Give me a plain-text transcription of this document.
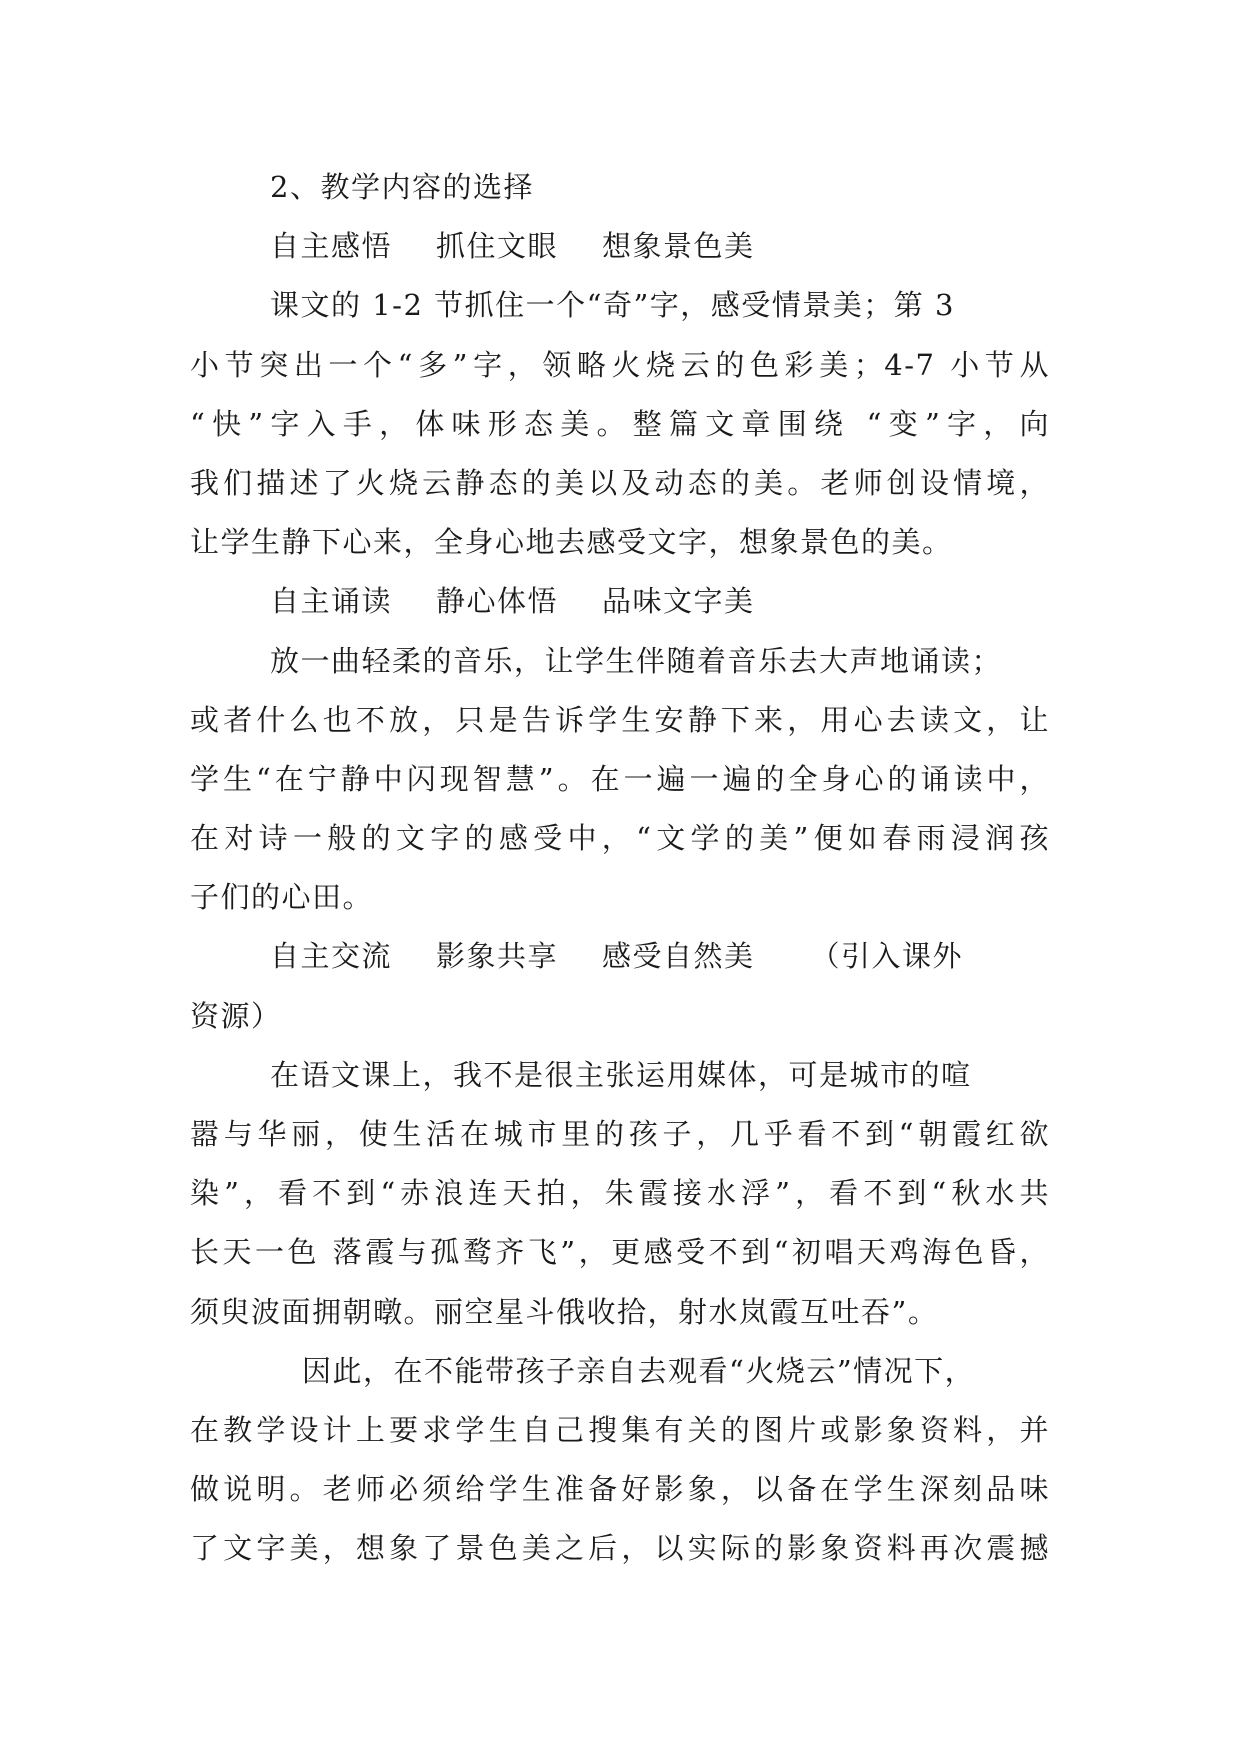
2、教学内容的选择
自主感悟 抓住文眼 想象景色美
课文的 1-2 节抓住一个“奇”字，感受情景美；第 3
小节突出一个“多”字，领略火烧云的色彩美；4-7 小节从
“快”字入手，体味形态美。整篇文章围绕 “变”字，向
我们描述了火烧云静态的美以及动态的美。老师创设情境，
让学生静下心来，全身心地去感受文字，想象景色的美。
自主诵读 静心体悟 品味文字美
放一曲轻柔的音乐，让学生伴随着音乐去大声地诵读；
或者什么也不放，只是告诉学生安静下来，用心去读文，让
学生“在宁静中闪现智慧”。在一遍一遍的全身心的诵读中，
在对诗一般的文字的感受中，“文学的美”便如春雨浸润孩
子们的心田。
自主交流 影象共享 感受自然美 （引入课外
资源）
在语文课上，我不是很主张运用媒体，可是城市的喧
嚣与华丽，使生活在城市里的孩子，几乎看不到“朝霞红欲
染”，看不到“赤浪连天拍，朱霞接水浮”，看不到“秋水共
长天一色 落霞与孤鹜齐飞”，更感受不到“初唱天鸡海色昏，
须臾波面拥朝暾。丽空星斗俄收拾，射水岚霞互吐吞”。
因此，在不能带孩子亲自去观看“火烧云”情况下，
在教学设计上要求学生自己搜集有关的图片或影象资料，并
做说明。老师必须给学生准备好影象，以备在学生深刻品味
了文字美，想象了景色美之后，以实际的影象资料再次震撼
